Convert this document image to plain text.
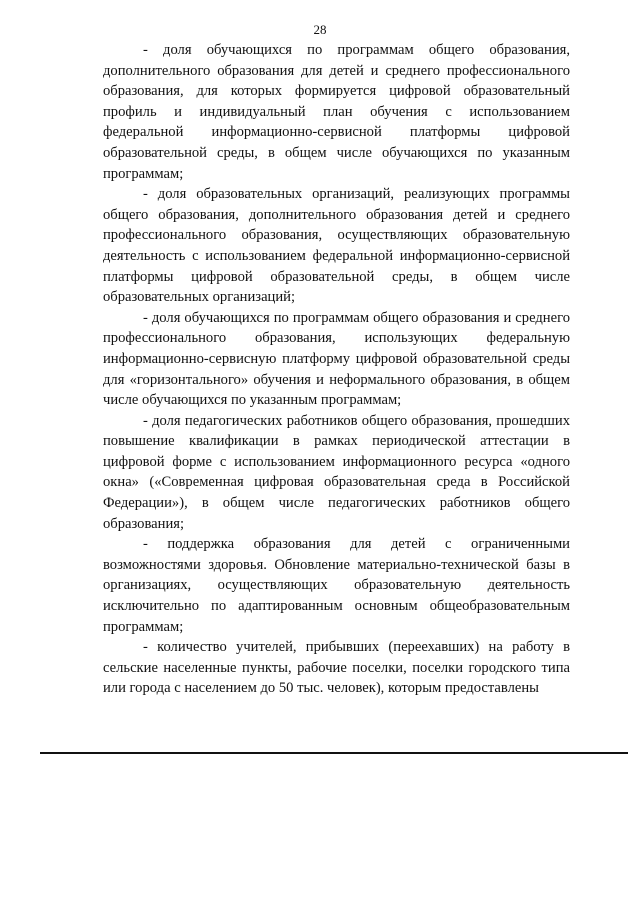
28

- доля обучающихся по программам общего образования, дополнительного образования для детей и среднего профессионального образования, для которых формируется цифровой образовательный профиль и индивидуальный план обучения с использованием федеральной информационно-сервисной платформы цифровой образовательной среды, в общем числе обучающихся по указанным программам;

- доля образовательных организаций, реализующих программы общего образования, дополнительного образования детей и среднего профессионального образования, осуществляющих образовательную деятельность с использованием федеральной информационно-сервисной платформы цифровой образовательной среды, в общем числе образовательных организаций;

- доля обучающихся по программам общего образования и среднего профессионального образования, использующих федеральную информационно-сервисную платформу цифровой образовательной среды для «горизонтального» обучения и неформального образования, в общем числе обучающихся по указанным программам;

- доля педагогических работников общего образования, прошедших повышение квалификации в рамках периодической аттестации в цифровой форме с использованием информационного ресурса «одного окна» («Современная цифровая образовательная среда в Российской Федерации»), в общем числе педагогических работников общего образования;

- поддержка образования для детей с ограниченными возможностями здоровья. Обновление материально-технической базы в организациях, осуществляющих образовательную деятельность исключительно по адаптированным основным общеобразовательным программам;

- количество учителей, прибывших (переехавших) на работу в сельские населенные пункты, рабочие поселки, поселки городского типа или города с населением до 50 тыс. человек), которым предоставлены
